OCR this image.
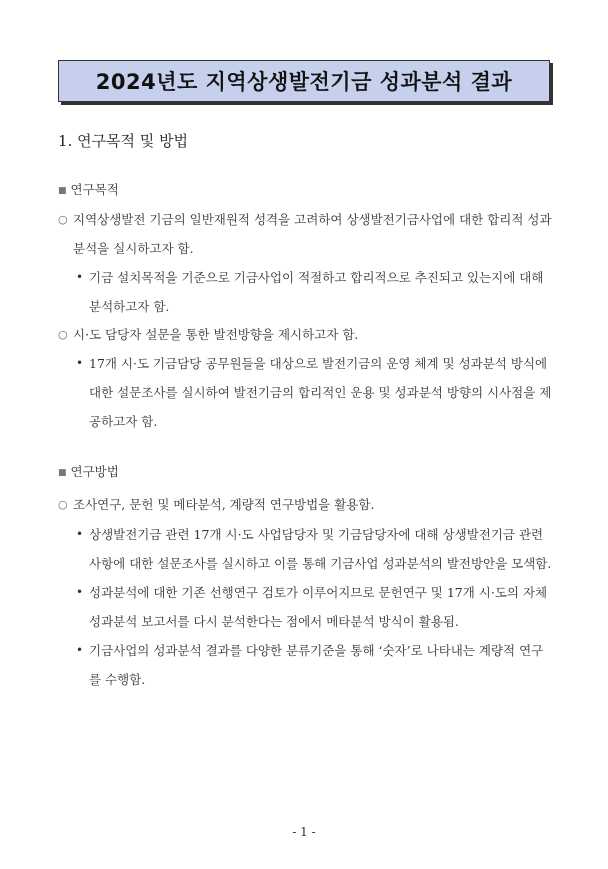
2024년도 지역상생발전기금 성과분석 결과
1. 연구목적 및 방법
■ 연구목적
○ 지역상생발전 기금의 일반재원적 성격을 고려하여 상생발전기금사업에 대한 합리적 성과분석을 실시하고자 함.
• 기금 설치목적을 기준으로 기금사업이 적절하고 합리적으로 추진되고 있는지에 대해 분석하고자 함.
○ 시·도 담당자 설문을 통한 발전방향을 제시하고자 함.
• 17개 시·도 기금담당 공무원들을 대상으로 발전기금의 운영 체계 및 성과분석 방식에 대한 설문조사를 실시하여 발전기금의 합리적인 운용 및 성과분석 방향의 시사점을 제공하고자 함.
■ 연구방법
○ 조사연구, 문헌 및 메타분석, 계량적 연구방법을 활용함.
• 상생발전기금 관련 17개 시·도 사업담당자 및 기금담당자에 대해 상생발전기금 관련 사항에 대한 설문조사를 실시하고 이를 통해 기금사업 성과분석의 발전방안을 모색함.
• 성과분석에 대한 기존 선행연구 검토가 이루어지므로 문헌연구 및 17개 시·도의 자체 성과분석 보고서를 다시 분석한다는 점에서 메타분석 방식이 활용됨.
• 기금사업의 성과분석 결과를 다양한 분류기준을 통해 ‘숫자’로 나타내는 계량적 연구를 수행함.
- 1 -
